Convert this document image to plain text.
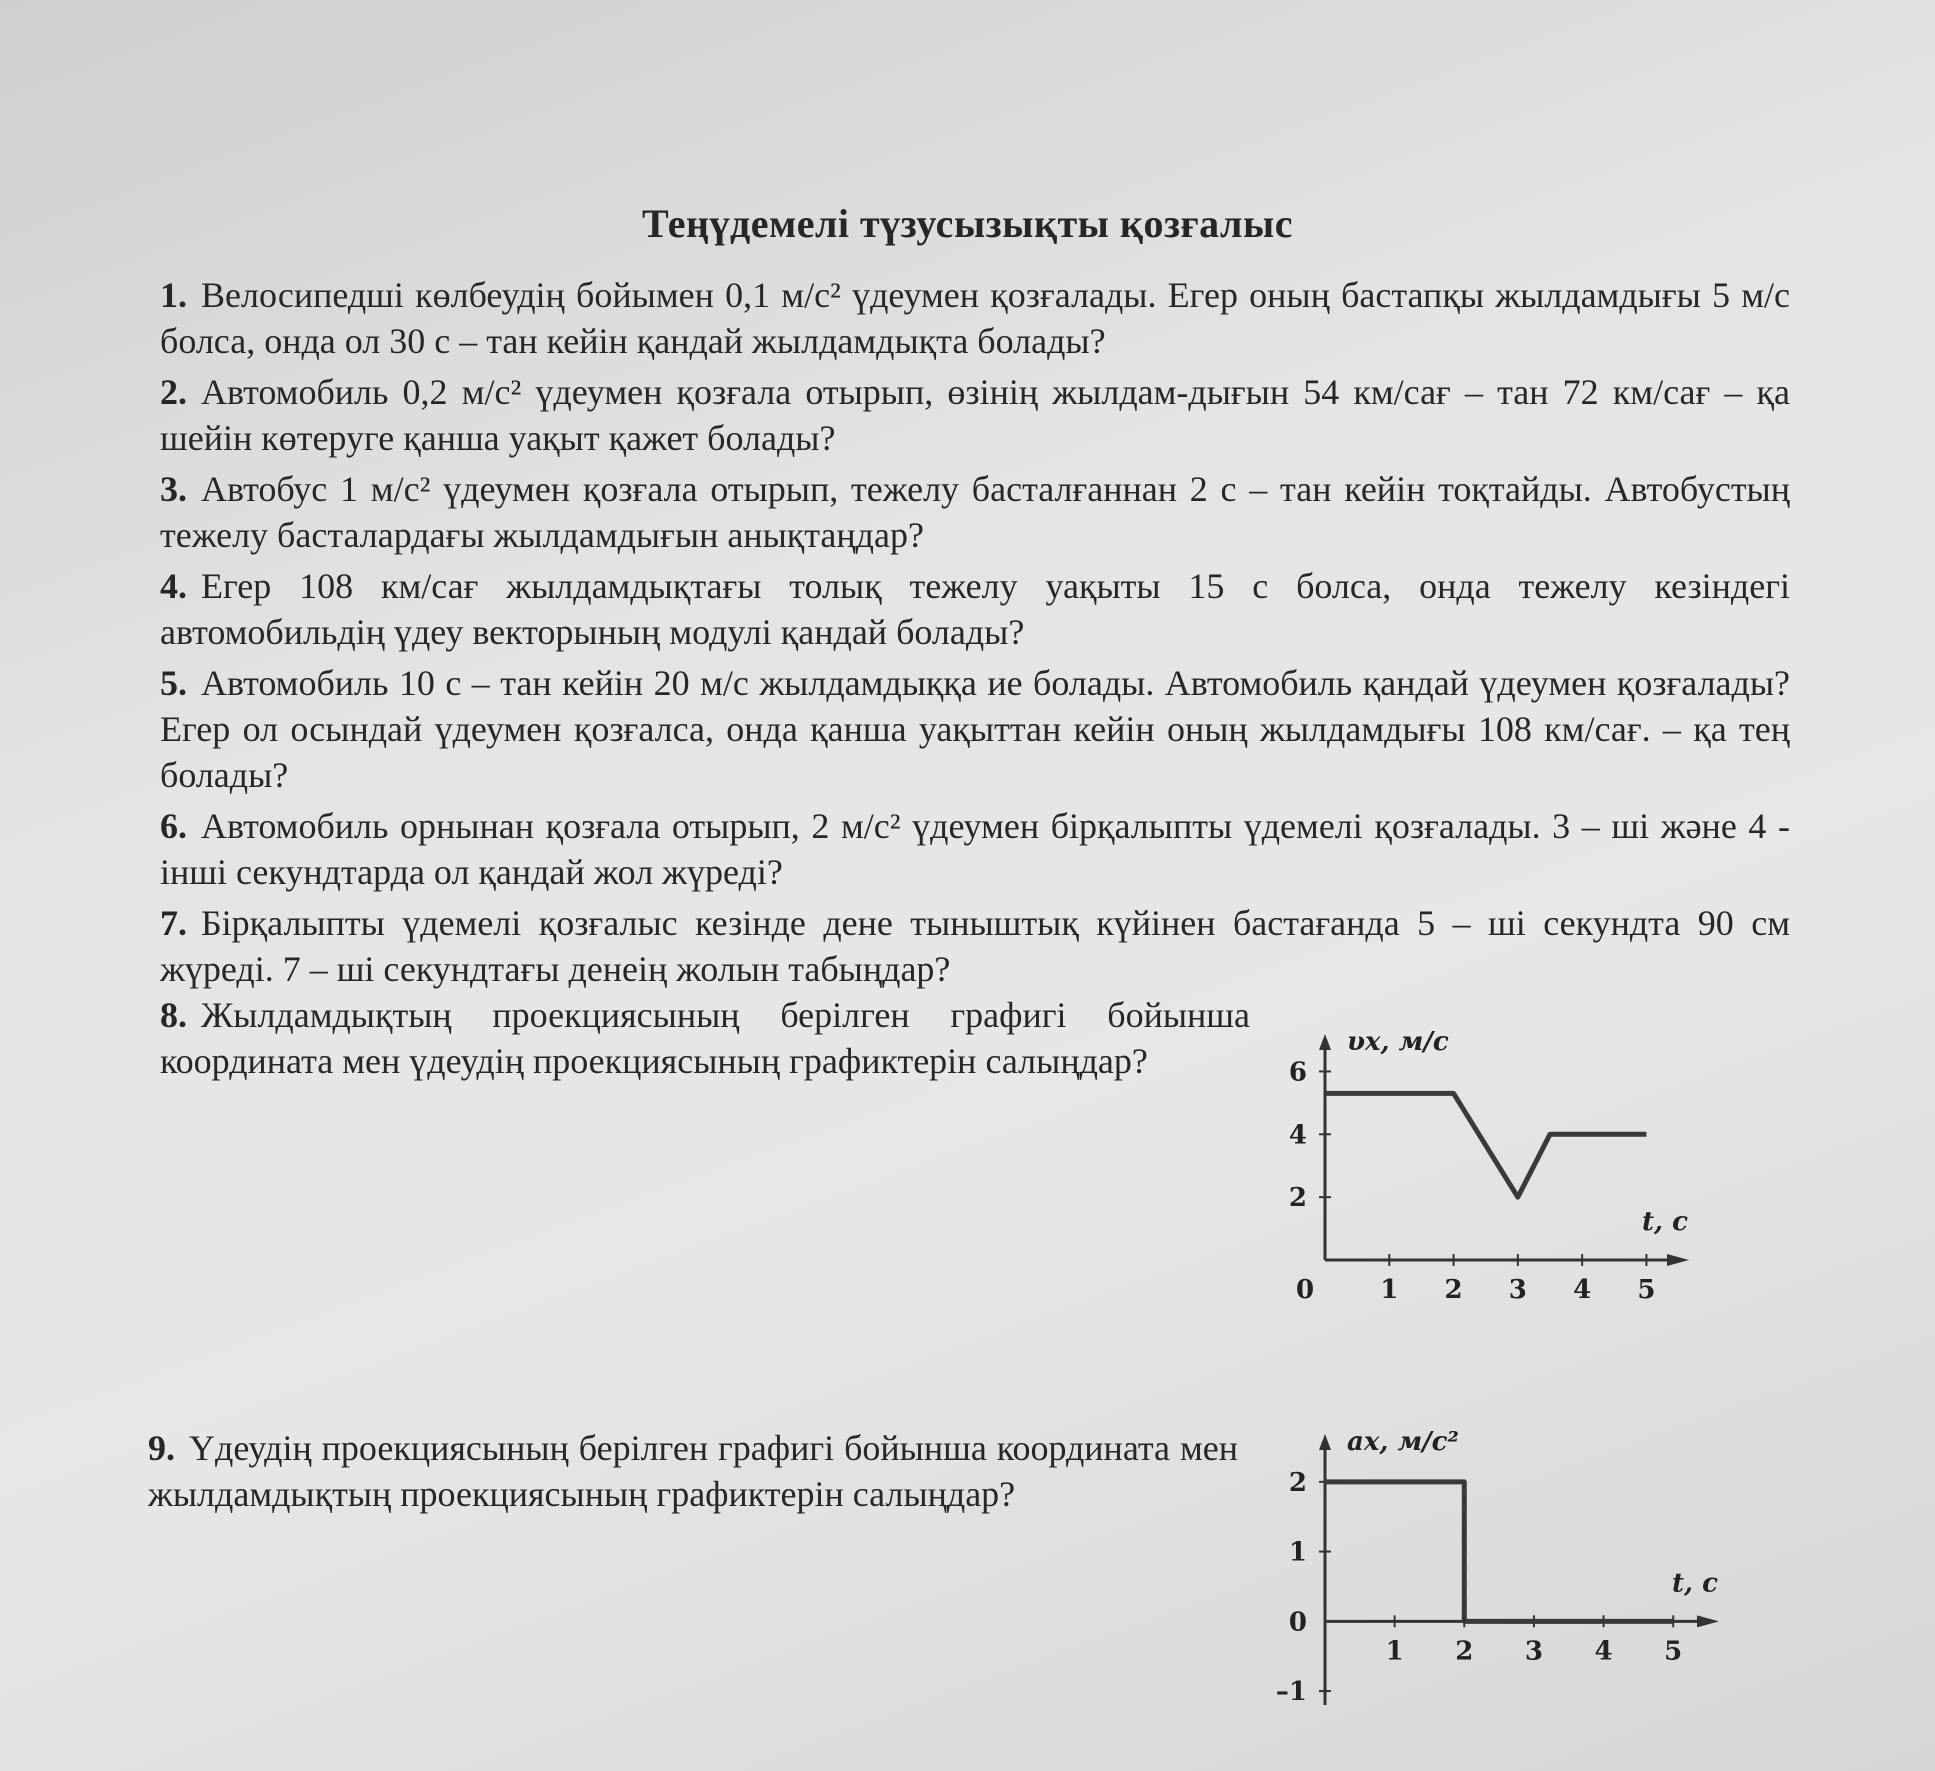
Теңүдемелі түзусызықты қозғалыс

1. Велосипедші көлбеудің бойымен 0,1 м/с² үдеумен қозғалады. Егер оның бастапқы жылдамдығы 5 м/с болса, онда ол 30 с – тан кейін қандай жылдамдықта болады?

2. Автомобиль 0,2 м/с² үдеумен қозғала отырып, өзінің жылдам-дығын 54 км/сағ – тан 72 км/сағ – қа шейін көтеруге қанша уақыт қажет болады?

3. Автобус 1 м/с² үдеумен қозғала отырып, тежелу басталғаннан 2 с – тан кейін тоқтайды. Автобустың тежелу басталардағы жылдамдығын анықтаңдар?

4. Егер 108 км/сағ жылдамдықтағы толық тежелу уақыты 15 с болса, онда тежелу кезіндегі автомобильдің үдеу векторының модулі қандай болады?

5. Автомобиль 10 с – тан кейін 20 м/с жылдамдыққа ие болады. Автомобиль қандай үдеумен қозғалады? Егер ол осындай үдеумен қозғалса, онда қанша уақыттан кейін оның жылдамдығы 108 км/сағ. – қа тең болады?

6. Автомобиль орнынан қозғала отырып, 2 м/с² үдеумен бірқалыпты үдемелі қозғалады. 3 – ші және 4 - інші секундтарда ол қандай жол жүреді?

7. Бірқалыпты үдемелі қозғалыс кезінде дене тыныштық күйінен бастағанда 5 – ші секундта 90 см жүреді. 7 – ші секундтағы денеің жолын табыңдар?

8. Жылдамдықтың проекциясының берілген графигі бойынша координата мен үдеудің проекциясының графиктерін салыңдар?
9. Үдеудің проекциясының берілген графигі бойынша координата мен жылдамдықтың проекциясының графиктерін салыңдар?
0	1 2 3 4 5
2
4
6
υx, м/с
t, c
1 2 3 4 5
2
1
0
–1
ax, м/с²
t, c
